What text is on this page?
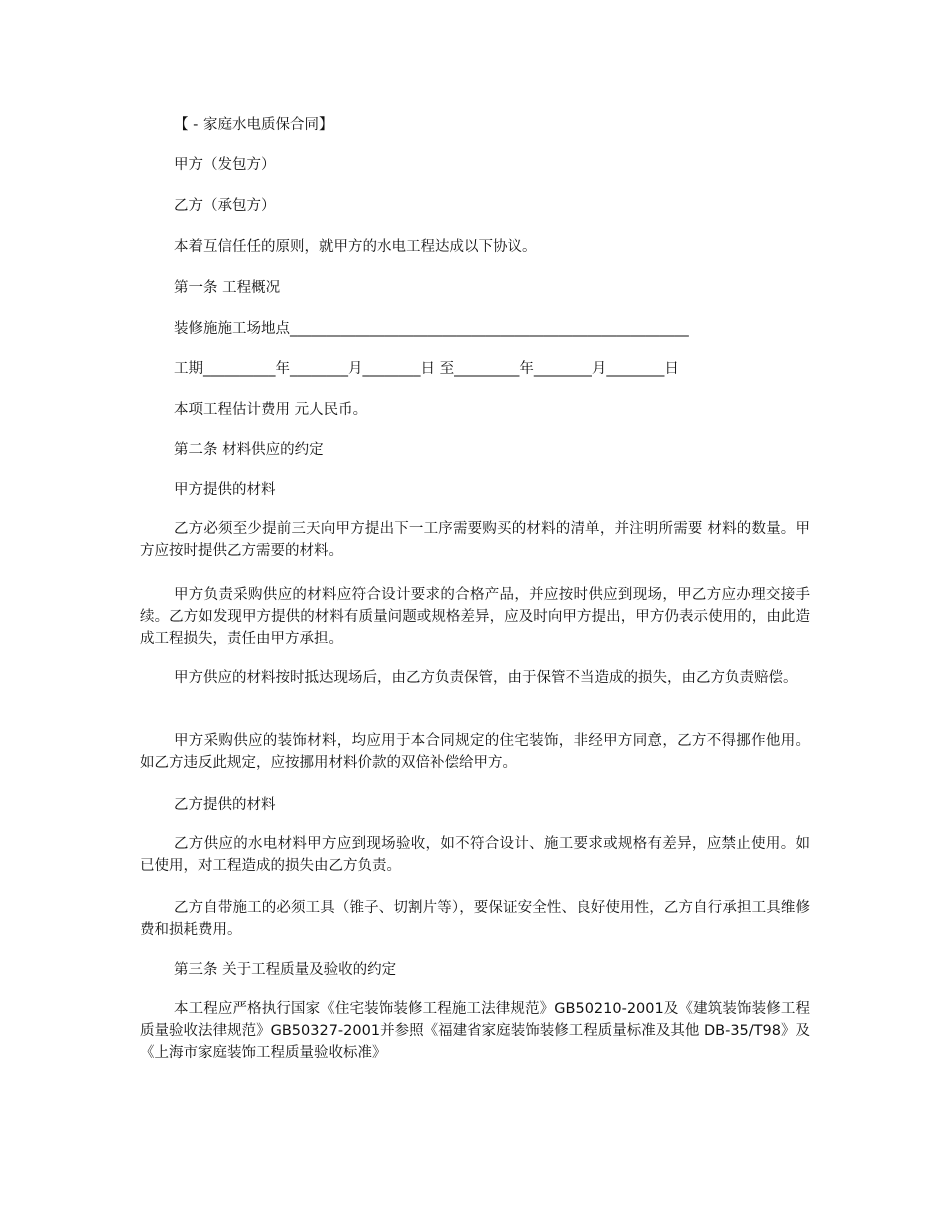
【 - 家庭水电质保合同】
甲方（发包方）
乙方（承包方）
本着互信任任的原则，就甲方的水电工程达成以下协议。
第一条 工程概况
装修施施工场地点_______________________________________________________
工期__________年________月________日 至_________年________月________日
本项工程估计费用 元人民币。
第二条 材料供应的约定
甲方提供的材料
乙方必须至少提前三天向甲方提出下一工序需要购买的材料的清单，并注明所需要 材料的数量。甲方应按时提供乙方需要的材料。
甲方负责采购供应的材料应符合设计要求的合格产品，并应按时供应到现场，甲乙方应办理交接手续。乙方如发现甲方提供的材料有质量问题或规格差异，应及时向甲方提出，甲方仍表示使用的，由此造成工程损失，责任由甲方承担。
甲方供应的材料按时抵达现场后，由乙方负责保管，由于保管不当造成的损失，由乙方负责赔偿。
甲方采购供应的装饰材料，均应用于本合同规定的住宅装饰，非经甲方同意，乙方不得挪作他用。如乙方违反此规定，应按挪用材料价款的双倍补偿给甲方。
乙方提供的材料
乙方供应的水电材料甲方应到现场验收，如不符合设计、施工要求或规格有差异，应禁止使用。如已使用，对工程造成的损失由乙方负责。
乙方自带施工的必须工具（锥子、切割片等），要保证安全性、良好使用性，乙方自行承担工具维修费和损耗费用。
第三条 关于工程质量及验收的约定
本工程应严格执行国家《住宅装饰装修工程施工法律规范》GB50210-2001及《建筑装饰装修工程质量验收法律规范》GB50327-2001并参照《福建省家庭装饰装修工程质量标准及其他 DB-35/T98》及《上海市家庭装饰工程质量验收标准》
